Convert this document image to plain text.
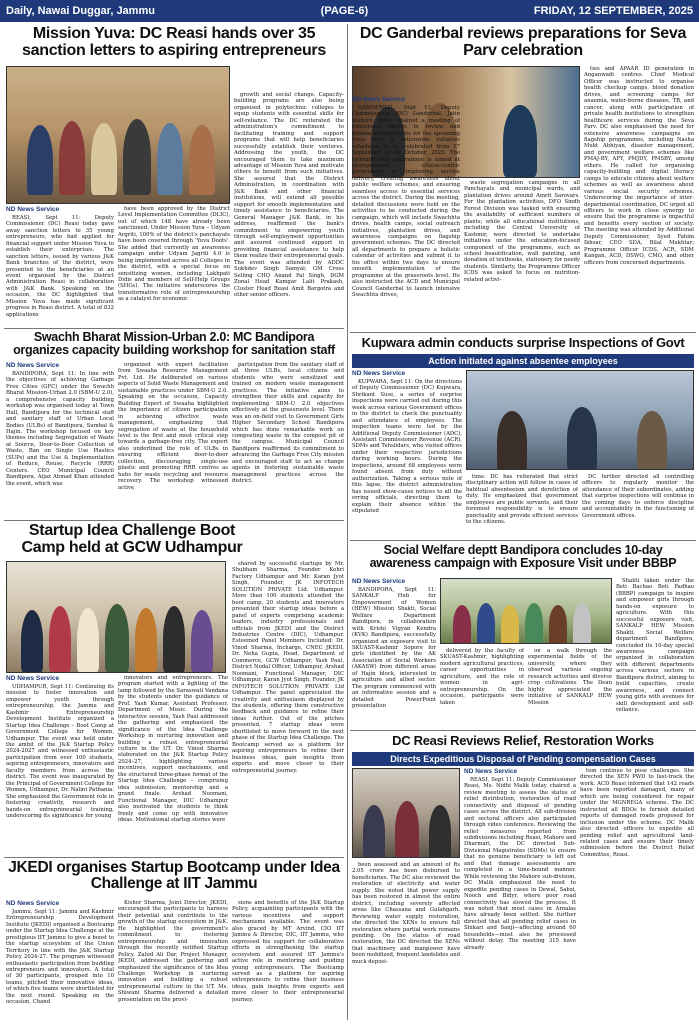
Daily, Nawai Duggar, Jammu	(PAGE-6)	FRIDAY, 12 SEPTEMBER, 2025
Mission Yuva: DC Reasi hands over 35 sanction letters to aspiring entrepreneurs
ND News Service

REASI, Sept 11: Deputy Commissioner (DC) Reasi today gave away sanction letters to 35 young entrepreneurs, who had applied for financial support under Mission Yuva to establish their enterprises. The sanction letters, issued by various J&K Bank branches of the district, were presented to the beneficiaries at an event organised by the District Administration Reasi in collaboration with J&K Bank. Speaking on the occasion, the DC highlighted that Mission Yuva has made significant progress in Reasi district. A total of 832 applications

have been approved by the District Level Implementation Committee (DLIC), out of which 148 have already been sanctioned. Under Mission Yuva – Udyam Argriti, 100% of the district's panchayats have been covered through 'Yuva Doots'. She added that currently an awareness campaign under Udyam Jagriti 4.0 is being implemented across all Colleges in the district, with a special focus on sensitizing women, including Lakhpati Didis and members of Self-Help Groups (SHGs). The initiative underscores the transformative role of entrepreneurship as a catalyst for economic

growth and social change. Capacity-building programs are also being organised in polytechnic colleges to equip students with essential skills for self-reliance. The DC reiterated the administration's commitment to facilitating training and support programs that will help beneficiaries successfully establish their ventures. Addressing the youth, the DC encouraged them to take maximum advantage of Mission Yuva and motivate others to benefit from such initiatives. She assured that the District Administration, in coordination with J&K Bank and other financial institutions, will extend all possible support for smooth implementation and timely assistance to beneficiaries. The General Manager J&K Bank, in his address, reaffirmed the bank's commitment to empowering youth through self-employment opportunities and assured continued support in providing financial assistance to help them realize their entrepreneurial goals. The event was attended by ADDC Sukhdev Singh Samyal; GM Cross Selling CHQ Anand Pal Singh, DGM Zonal Head Kamgar Lalit Prakash, Cluster Head Reasi Amit Bargotra and other senior officers.

Swachh Bharat Mission-Urban 2.0: MC Bandipora organizes capacity building workshop for sanitation staff
ND News Service

BANDIPORA, Sept 11: In line with the objectives of achieving Garbage Free Cities (GFC) under the Swachh Bharat Mission–Urban 2.0 (SBM-U 2.0), a comprehensive capacity building workshop was organised today at Town Hall, Bandipora for the technical staff and sanitary staff of Urban Local Bodies (ULBs) of Bandipora, Sumbal & Hajin. The workshop focused on key themes including Segregation of Waste at Source, Door-to-Door Collection of Waste, Ban on Single Use Plastics (SUPs) and the Use & Implementation of Reduce, Reuse, Recycle (RRR) Centers. CEO Municipal Council Bandipora, Aijaz Ahmad Khan attended the event, which was

organized with expert facilitation from Swaaha Resource Management Pvt. Ltd. He deliberated on various aspects of Solid Waste Management and sustainable practices under SBM-U 2.0. Speaking on the occasion, Capacity Building Expert of Swaaha highlighted the importance of citizen participation in achieving effective waste management, emphasizing that segregation of waste at the household level is the first and most critical step towards a garbage-free city. The expert also underlined the role of ULBs in ensuring efficient door-to-door collection, discouraging single-use plastic and promoting RRR centres as hubs for waste recycling and resource recovery. The workshop witnessed active

participation from the sanitary staff of all three ULBs, local citizens and students who were sensitized and trained on modern waste management practices. The initiative aims to strengthen their skills and capacity for implementing SBM-U 2.0 objectives effectively at the grassroots level. There was an on-field visit to Government Girls Higher Secondary School Bandipora which has done remarkable work on composting waste in the compost pit of the campus. Municipal Council Bandipora reaffirmed its commitment to advancing the Garbage Free City mission and encouraged staff to act as change agents in fostering sustainable waste management practices across the district.

Startup Idea Challenge Boot Camp held at GCW Udhampur
ND News Service

UDHAMPUR, Sept 11: Continuing its mission to foster innovation and empower youth through entrepreneurship, the Jammu and Kashmir Entrepreneurship Development Institute organized a Startup Idea Challenge – Boot Camp at Government College for Women, Udhampur. The event was held under the ambit of the J&K Startup Policy 2024-2027 and witnessed enthusiastic participation from over 100 students, aspiring entrepreneurs, innovators and faculty members from across the district. The event was inaugurated by the Principal of Government College for Women, Udhampur, Dr. Nalini Pathania. She emphasized the Government role in fostering creativity, research and hands-on entrepreneurial training, underscoring its significance for young

innovators and entrepreneurs. The program started with a lighting of the lamp followed by the Saraswati Vandana by the students under the guidance of Prof. Yash Kumar, Assistant Professor, Department of Music. During the interactive session, Yash Paul addressed the gathering and emphasized the significance of the Idea Challenge Workshop in nurturing innovation and building a robust entrepreneurial culture in the UT. Dr. Vinod Sharma elaborated on the J&K Startup Policy 2024–27, highlighting various incentives, support mechanisms, and the structured three-phase format of the Startup Idea Challenge – comprising idea submission, mentorship and a grand finale. Arshad Noomani, Functional Manager, DIC Udhampur also motivated the students to think freely and come up with innovative ideas. Motivational startup stories were

shared by successful startups by Mr. Shubham Sharma, Founder Kohri Factory Udhampur and Mr. Karan Jyot Singh, Founder, JK INFOTECH SOLUTION PRIVATE Ltd. Udhampur. More than 100 students attended the boot camp, 20 students and innovators presented their startup ideas before a panel of experts comprising academic leaders, industry professionals and officials from JKEDI and the District Industries Centre (DIC), Udhampur. Esteemed Panel Members Included: Dr. Vinod Sharma, Incharge, CNEC JKEDI, Dr. Neha Gupta, Head, Department of Commerce, GCW Udhampur, Yash Paul, District Nodal Officer, Udhampur, Arshad Noomani, Functional Manager, DIC Udhampur, Karan Jyot Singh, Founder, JK INFOTECH SOLUTION PRIVATE Ltd Udhampur. The panel appreciated the creativity and enthusiasm displayed by the students, offering them constructive feedback and guidance to refine their ideas further. Out of the pitches presented, 7 startup ideas were shortlisted to move forward in the next phase of the Startup Idea Challenge. The Bootcamp served as a platform for aspiring entrepreneurs to refine their business ideas, gain insights from experts and move closer to their entrepreneurial journey.

JKEDI organises Startup Bootcamp under Idea Challenge at IIT Jammu
ND News Service

Jammu, Sept 11: Jammu and Kashmir Entrepreneurship Development Institute (JKEDI) organised a Bootcamp under the Startup Idea Challenge at the prestigious IIT Jammu to give a boost to the startup ecosystem of the Union Territory in line with the J&K Startup Policy 2024-27. The program witnessed enthusiastic participation from budding entrepreneurs and innovators. A total of 30 participants, grouped into 10 teams, pitched their innovative ideas, of which five teams were shortlisted for the next round. Speaking on the occasion, Chand

Kishor Sharma, Joint Director, JKEDI, encouraged the participants to harness their potential and contribute to the growth of the startup ecosystem in J&K. He highlighted the government's commitment to fostering entrepreneurship and innovation through the recently notified Startup Policy. Zahid Ali Dar, Project Manager, JKEDI, addressed the gathering and emphasized the significance of the Idea Challenge Workshop in nurturing innovation and building a robust entrepreneurial culture in the UT. Ms. Shiwani Sharma delivered a detailed presentation on the provi-

sions and benefits of the J&K Startup Policy, acquainting participants with the various incentives and support mechanisms available. The event was also graced by MT Arvind, CIO IIT Jammu & Director, DIC, IIT Jammu, who expressed his support for collaborative efforts in strengthening the startup ecosystem and assured IIT Jammu's active role in mentoring and guiding young entrepreneurs. The Bootcamp served as a platform for aspiring entrepreneurs to refine their business ideas, gain insights from experts and move closer to their entrepreneurial journey.

DC Ganderbal reviews preparations for Seva Parv celebration
ND News Service

GANDERBAL, Sept 11: Deputy Commissioner (DC) Ganderbal, Jatin Kishore, today chaired a meeting of concerned officers to review and finalise arrangements for the upcoming Seva Parv, a nationwide initiative scheduled to be celebrated from 17 September to 02 October, 2025. The fortnight-long programme is aimed at strengthening citizen-centric governance by improving service delivery, creating awareness about public welfare schemes, and ensuring seamless access to essential services across the district. During the meeting, detailed discussions were held on the activities to be conducted during the campaign, which will include Swachhta drives, health camps, social outreach initiatives, plantation drives, and awareness campaigns on flagship government schemes. The DC directed all departments to prepare a holistic calendar of activities and submit it to his office within two days to ensure smooth implementation of the programme at the grassroots level. He also instructed the ACD and Municipal Council Ganderbal to launch intensive Swachhta drives,

waste segregation campaigns in all Panchayats and municipal wards, and plantation drives around Amrit Sarovars. For the plantation activities, DFO Sindh Forest Division was tasked with ensuring the availability of sufficient numbers of plants; while all educational institutions, including the Central University of Kashmir, were directed to undertake initiatives under the education-focused component of the programme, such as school beautification, wall painting, and donation of textbooks, stationery for needy students. Similarly, the Programme Officer ICDS was asked to focus on nutrition-related activi-

ties and APAAR ID generation in Anganwadi centres. Chief Medical Officer was instructed to organise health checkup camps, blood donation drives, and screening camps for anaemia, water-borne diseases, TB, and cancer, along with participation of private health institutions to strengthen healthcare services during the Seva Parv. DC also emphasised the need for extensive awareness campaigns on flagship programmes, including Nasha Mukt Abhiyan, disaster management, and government welfare schemes like PMAJ-BY, APY, PMJDY, PMSBY, among others. He called for organising capacity-building and digital literacy camps to educate citizens about welfare schemes as well as awareness about various social security schemes. Underscoring the importance of inter-departmental coordination, DC urged all officers to work in close synergy to ensure that the programme is impactful and benefits every section of society. The meeting was attended by Additional Deputy Commissioner, Syed Fahim Ikhsar, CEO SDA, Bilal Mukhtar; Programme Officer ICDS, ACR, SDM Kangan, ACD, DSWO, CMO, and other officers from concerned departments.

Kupwara admin conducts surprise Inspections of Govt
Action initiated against absentee employees
ND News Service

KUPWARA, Sept 11: On the directions of Deputy Commissioner (DC) Kupwara, Shrikant Suse, a series of surprise inspections were carried out during this week across various Government offices in the district to check the punctuality and attendance of employees. The inspection teams were led by the Additional Deputy Commissioner (ADC), Assistant Commissioner Revenue (ACR), SDMs and Tehsildars, who visited offices under their respective jurisdictions during working hours. During the inspections, around 68 employees were found absent from duty without authorization. Taking a serious note of this lapse, the district administration has issued show-cause notices to all the erring officials, directing them to explain their absence within the stipulated

time. DC has reiterated that strict disciplinary action will follow in cases of habitual absenteeism and dereliction of duty. He emphasized that government employees are public servants, and their foremost responsibility is to ensure punctuality and provide efficient services to the citizens.

DC further directed all controlling officers to regularly monitor the attendance of their subordinates, adding that surprise inspections will continue in the coming days to enforce discipline and accountability in the functioning of Government offices.

Social Welfare deptt Bandipora concludes 10-day awareness campaign with Exposure Visit under BBBP
ND News Service

BANDIPORA, Sept 11: SANKALP Hub for Empowerment of Women (HEW) Mission Shakti, Social Welfare Department Bandipora, in collaboration with Krishi Vigyan Kendra (KVK) Bandipora, successfully organized an exposure visit to SKUAST-Kashmir Sopore for girls identified by the AK Association of Social Workers (AKASW) from different areas of Hajin block, interested in agriculture and allied sector. The program commenced with an informative session and a detailed PowerPoint presentation

delivered by the faculty of SKUAST-Kashmir, highlighting modern agricultural practices, career opportunities in agriculture, and the role of women in agri-entrepreneurship. On the occasion, participants were taken

on a walk through the experimental fields of the university, where they observed various ongoing research activities and diverse crop cultivations. The Dean highly appreciated the initiative of SANKALP HEW Mission

Shakti taken under the Beti Bachao Beti Padhao (BBBP) campaign to inspire and empower girls through hands-on exposure to agriculture. With this successful exposure visit, SANKALP HEW Mission Shakti, Social Welfare department Bandipora, concluded its 10-day special awareness campaign organized in collaboration with different departments across various sectors in Bandipora district, aiming to build capacities, create awareness, and connect young girls with avenues for skill development and self-reliance.

DC Reasi Reviews Relief, Restoration Works
Directs Expeditious Disposal of Pending compensation Cases
ND News Service

REASI, Sept 11: Deputy Commissioner Reasi, Ms. Nidhi Malik today chaired a review meeting to assess the status of relief distribution, restoration of road connectivity and disposal of pending cases across the district. All sub-division and sectoral officers also participated through video conference. Reviewing the relief measures reported from subdivisions including Reasi, Mahore and Dharmari, the DC directed Sub-Divisional Magistrates (SDMs) to ensure that no genuine beneficiary is left out and that damage assessments are completed in a time-bound manner. While reviewing the Mahore sub-division, DC Malik emphasized the need to expedite pending cases in Dewal, Sabzi, Nooch and Bidyr, where poor road connectivity has slowed the process. It was noted that most cases in Arnalas have already been settled. She further directed that all pending relief cases in Shikari and Sanji—affecting around 60 households—must also be processed without delay. The meeting 315 have already

been assessed and an amount of Rs 2.05 crore has been disbursed to beneficiaries. The DC also reviewed the restoration of electricity and water supply. She noted that power supply has been restored in almost the entire district, including severely affected areas like Chassana and Gulabgarh. Reviewing water supply restoration, she directed the XENs to ensure full restoration where partial work remains pending. On the status of road restoration, the DC directed the XENs that machinery and manpower have been mobilized, frequent landslides and muck deposi-

tion continue to pose challenges. She directed the XEN PWD to fast-track the work. ACD Reasi informed that 142 roads have been reported damaged, many of which are being considered for repair under the MGNREGA scheme. The DC instructed all BDOs to furnish detailed reports of damaged roads proposed for inclusion under the scheme. DC Malik also directed officers to expedite all pending relief and agricultural land-related cases and ensure their timely submission before the District Relief Committee, Reasi.
